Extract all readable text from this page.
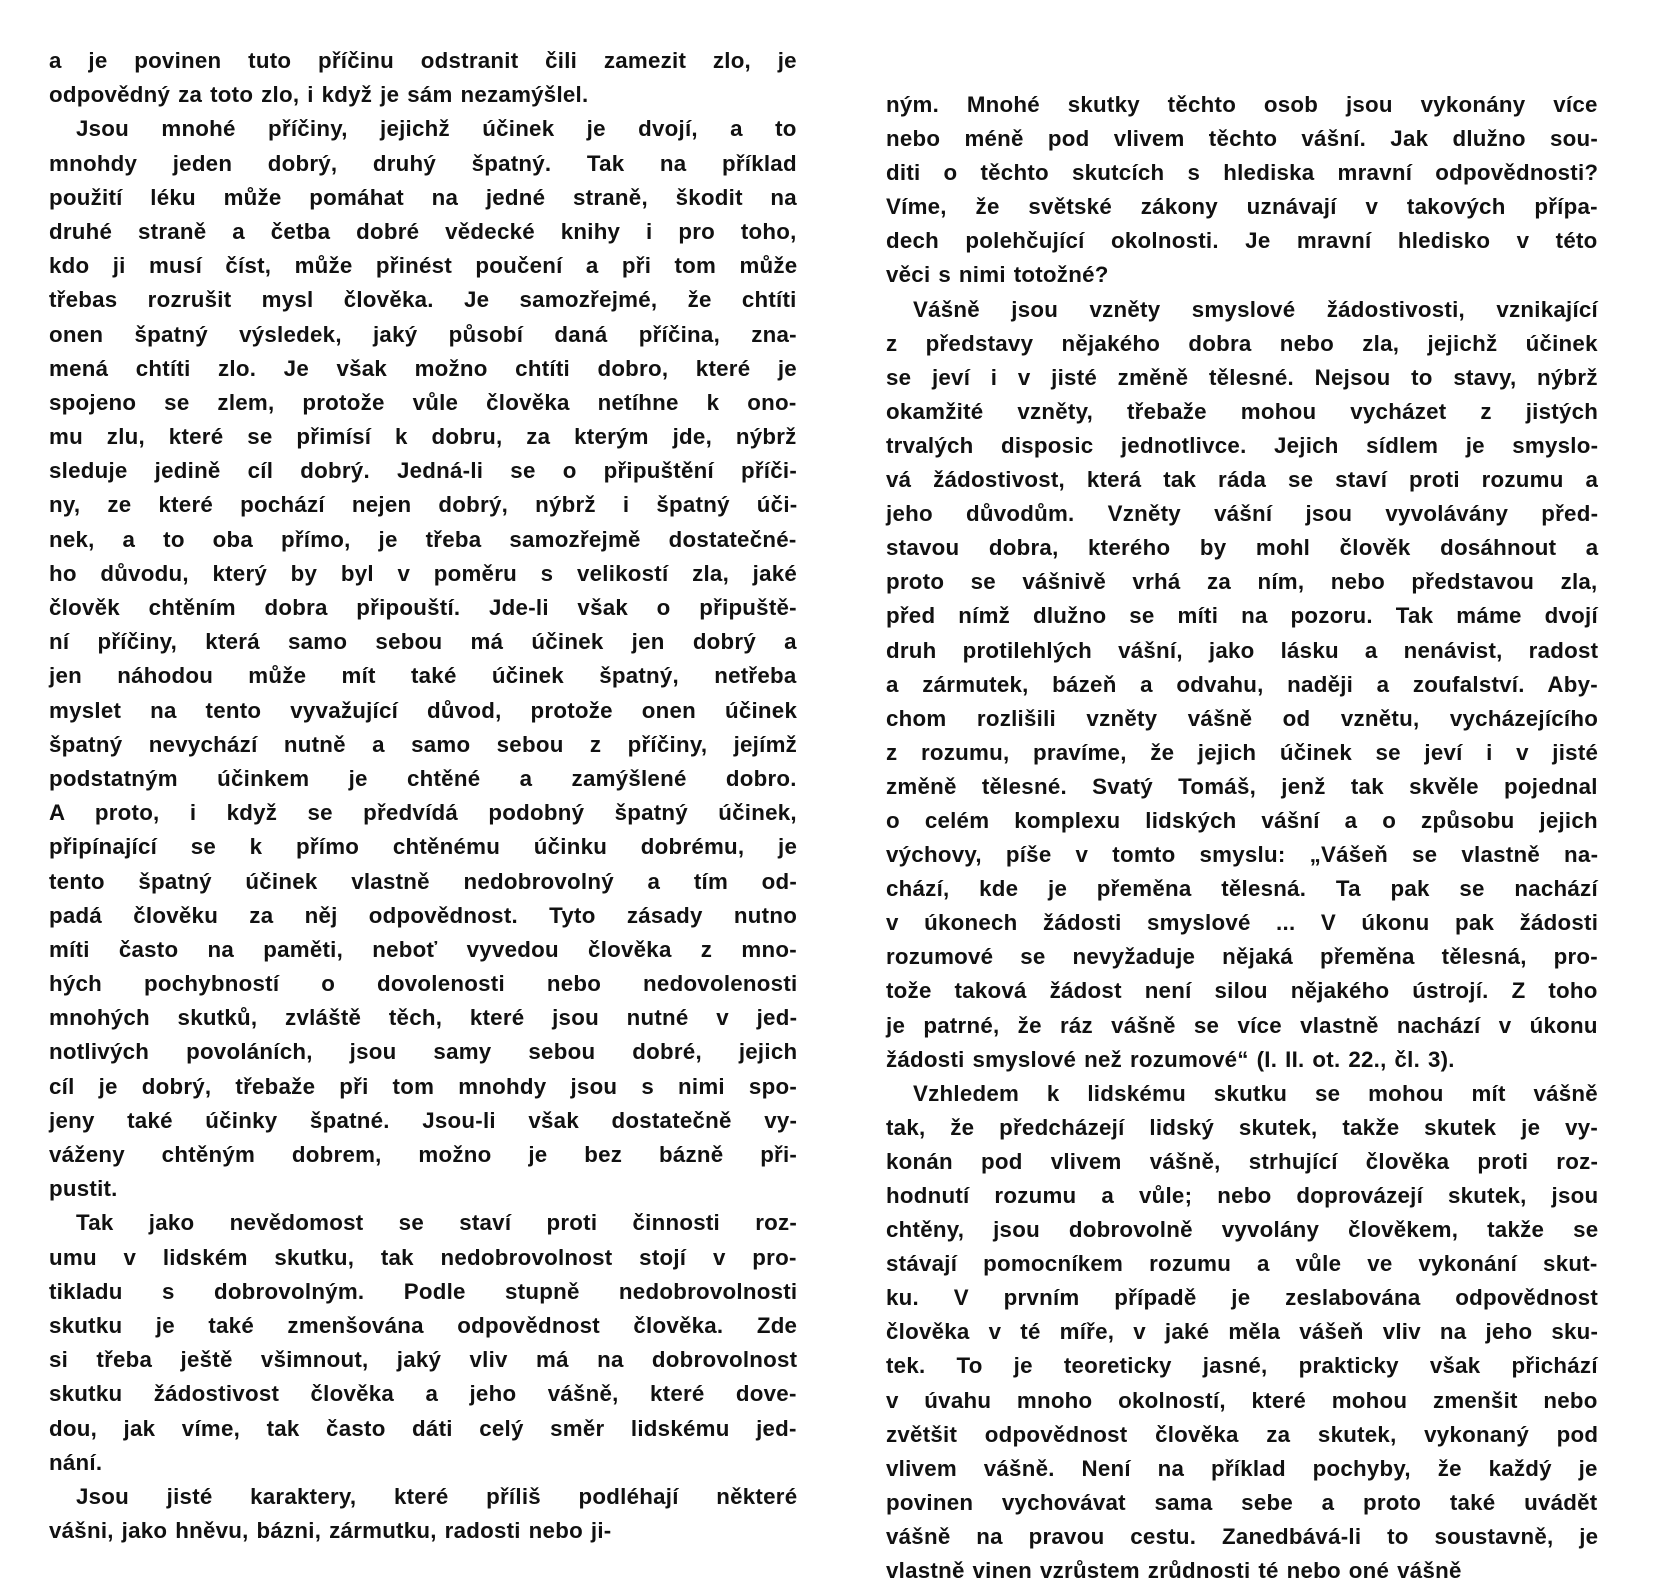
a je povinen tuto příčinu odstranit čili zamezit zlo, je
odpovědný za toto zlo, i když je sám nezamýšlel.
Jsou mnohé příčiny, jejichž účinek je dvojí, a to
mnohdy jeden dobrý, druhý špatný. Tak na příklad
použití léku může pomáhat na jedné straně, škodit na
druhé straně a četba dobré vědecké knihy i pro toho,
kdo ji musí číst, může přinést poučení a při tom může
třebas rozrušit mysl člověka. Je samozřejmé, že chtíti
onen špatný výsledek, jaký působí daná příčina, zna-
mená chtíti zlo. Je však možno chtíti dobro, které je
spojeno se zlem, protože vůle člověka netíhne k ono-
mu zlu, které se přimísí k dobru, za kterým jde, nýbrž
sleduje jedině cíl dobrý. Jedná-li se o připuštění příči-
ny, ze které pochází nejen dobrý, nýbrž i špatný úči-
nek, a to oba přímo, je třeba samozřejmě dostatečné-
ho důvodu, který by byl v poměru s velikostí zla, jaké
člověk chtěním dobra připouští. Jde-li však o připuště-
ní příčiny, která samo sebou má účinek jen dobrý a
jen náhodou může mít také účinek špatný, netřeba
myslet na tento vyvažující důvod, protože onen účinek
špatný nevychází nutně a samo sebou z příčiny, jejímž
podstatným účinkem je chtěné a zamýšlené dobro.
A proto, i když se předvídá podobný špatný účinek,
připínající se k přímo chtěnému účinku dobrému, je
tento špatný účinek vlastně nedobrovolný a tím od-
padá člověku za něj odpovědnost. Tyto zásady nutno
míti často na paměti, neboť vyvedou člověka z mno-
hých pochybností o dovolenosti nebo nedovolenosti
mnohých skutků, zvláště těch, které jsou nutné v jed-
notlivých povoláních, jsou samy sebou dobré, jejich
cíl je dobrý, třebaže při tom mnohdy jsou s nimi spo-
jeny také účinky špatné. Jsou-li však dostatečně vy-
váženy chtěným dobrem, možno je bez bázně při-
pustit.
Tak jako nevědomost se staví proti činnosti roz-
umu v lidském skutku, tak nedobrovolnost stojí v pro-
tikladu s dobrovolným. Podle stupně nedobrovolnosti
skutku je také zmenšována odpovědnost člověka. Zde
si třeba ještě všimnout, jaký vliv má na dobrovolnost
skutku žádostivost člověka a jeho vášně, které dove-
dou, jak víme, tak často dáti celý směr lidskému jed-
nání.
Jsou jisté karaktery, které příliš podléhají některé
vášni, jako hněvu, bázni, zármutku, radosti nebo ji-
ným. Mnohé skutky těchto osob jsou vykonány více
nebo méně pod vlivem těchto vášní. Jak dlužno sou-
diti o těchto skutcích s hlediska mravní odpovědnosti?
Víme, že světské zákony uznávají v takových přípa-
dech polehčující okolnosti. Je mravní hledisko v této
věci s nimi totožné?
Vášně jsou vzněty smyslové žádostivosti, vznikající
z představy nějakého dobra nebo zla, jejichž účinek
se jeví i v jisté změně tělesné. Nejsou to stavy, nýbrž
okamžité vzněty, třebaže mohou vycházet z jistých
trvalých disposic jednotlivce. Jejich sídlem je smyslo-
vá žádostivost, která tak ráda se staví proti rozumu a
jeho důvodům. Vzněty vášní jsou vyvolávány před-
stavou dobra, kterého by mohl člověk dosáhnout a
proto se vášnivě vrhá za ním, nebo představou zla,
před nímž dlužno se míti na pozoru. Tak máme dvojí
druh protilehlých vášní, jako lásku a nenávist, radost
a zármutek, bázeň a odvahu, naději a zoufalství. Aby-
chom rozlišili vzněty vášně od vznětu, vycházejícího
z rozumu, pravíme, že jejich účinek se jeví i v jisté
změně tělesné. Svatý Tomáš, jenž tak skvěle pojednal
o celém komplexu lidských vášní a o způsobu jejich
výchovy, píše v tomto smyslu: „Vášeň se vlastně na-
chází, kde je přeměna tělesná. Ta pak se nachází
v úkonech žádosti smyslové ... V úkonu pak žádosti
rozumové se nevyžaduje nějaká přeměna tělesná, pro-
tože taková žádost není silou nějakého ústrojí. Z toho
je patrné, že ráz vášně se více vlastně nachází v úkonu
žádosti smyslové než rozumové“ (I. II. ot. 22., čl. 3).
Vzhledem k lidskému skutku se mohou mít vášně
tak, že předcházejí lidský skutek, takže skutek je vy-
konán pod vlivem vášně, strhující člověka proti roz-
hodnutí rozumu a vůle; nebo doprovázejí skutek, jsou
chtěny, jsou dobrovolně vyvolány člověkem, takže se
stávají pomocníkem rozumu a vůle ve vykonání skut-
ku. V prvním případě je zeslabována odpovědnost
člověka v té míře, v jaké měla vášeň vliv na jeho sku-
tek. To je teoreticky jasné, prakticky však přichází
v úvahu mnoho okolností, které mohou zmenšit nebo
zvětšit odpovědnost člověka za skutek, vykonaný pod
vlivem vášně. Není na příklad pochyby, že každý je
povinen vychovávat sama sebe a proto také uvádět
vášně na pravou cestu. Zanedbává-li to soustavně, je
vlastně vinen vzrůstem zrůdnosti té nebo oné vášně
